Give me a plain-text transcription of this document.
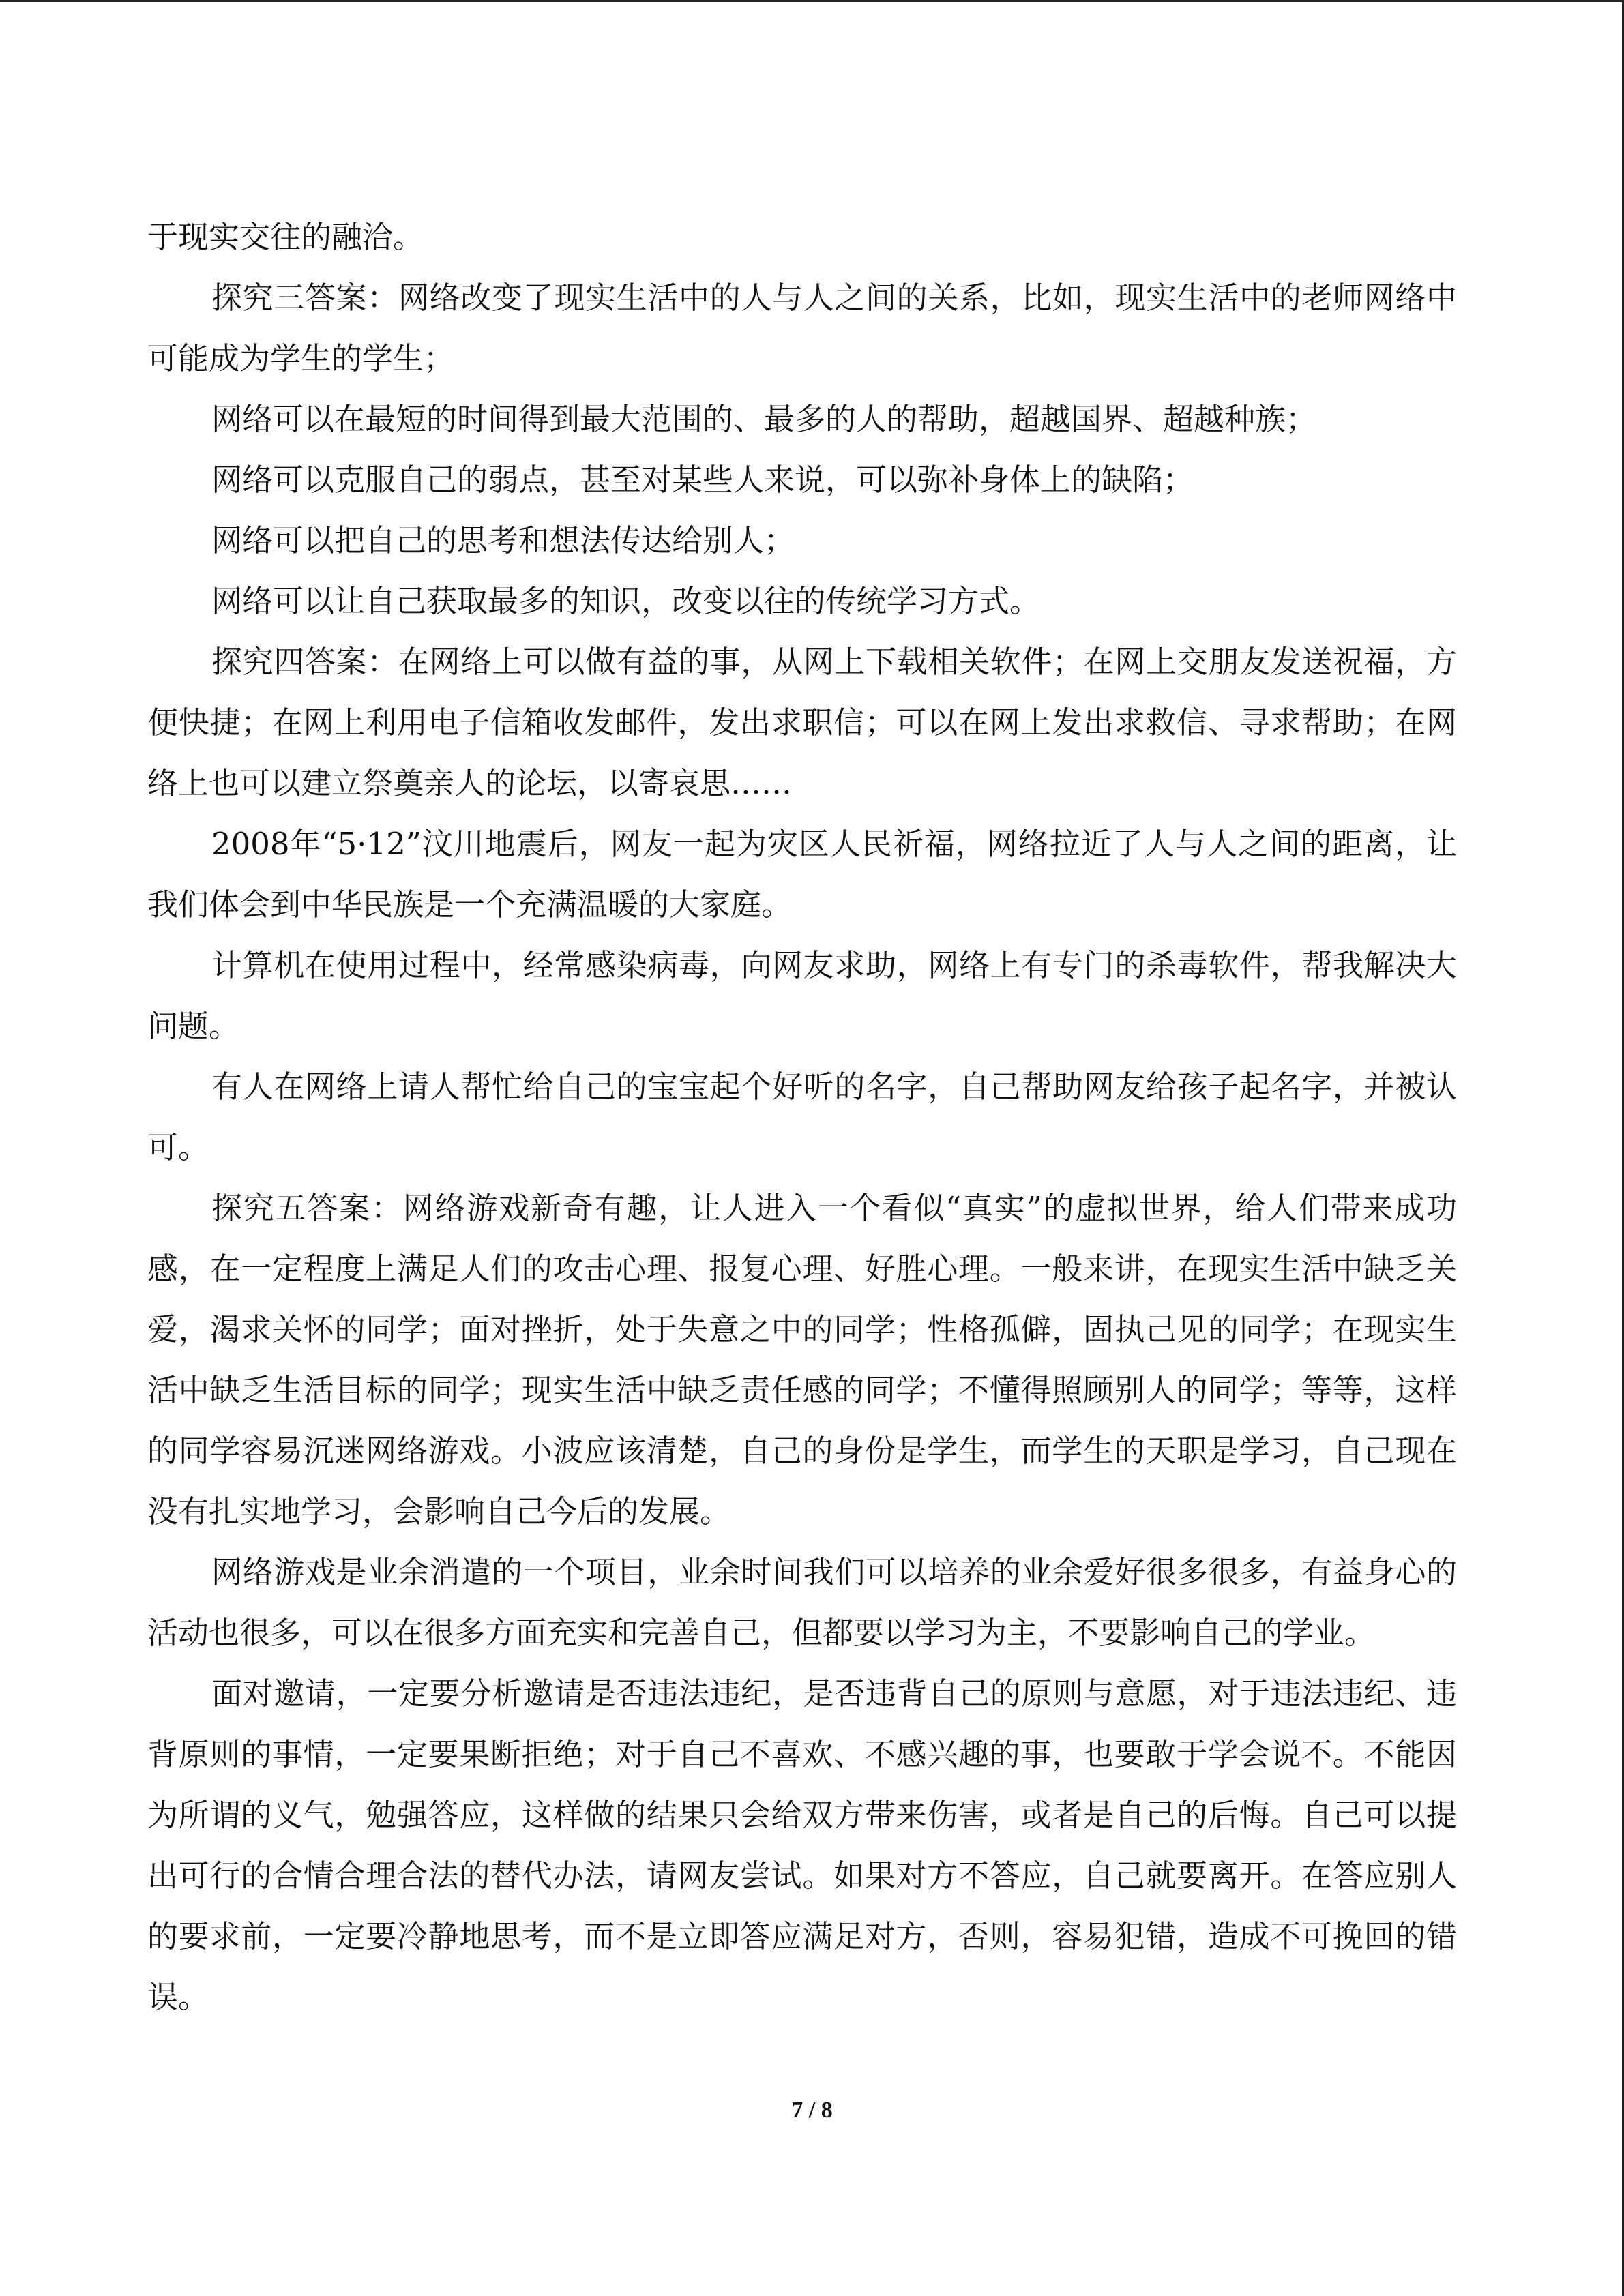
于现实交往的融洽。

探究三答案：网络改变了现实生活中的人与人之间的关系，比如，现实生活中的老师网络中可能成为学生的学生；

网络可以在最短的时间得到最大范围的、最多的人的帮助，超越国界、超越种族；

网络可以克服自己的弱点，甚至对某些人来说，可以弥补身体上的缺陷；

网络可以把自己的思考和想法传达给别人；

网络可以让自己获取最多的知识，改变以往的传统学习方式。

探究四答案：在网络上可以做有益的事，从网上下载相关软件；在网上交朋友发送祝福，方便快捷；在网上利用电子信箱收发邮件，发出求职信；可以在网上发出求救信、寻求帮助；在网络上也可以建立祭奠亲人的论坛，以寄哀思……

2008年“5·12”汶川地震后，网友一起为灾区人民祈福，网络拉近了人与人之间的距离，让我们体会到中华民族是一个充满温暖的大家庭。

计算机在使用过程中，经常感染病毒，向网友求助，网络上有专门的杀毒软件，帮我解决大问题。

有人在网络上请人帮忙给自己的宝宝起个好听的名字，自己帮助网友给孩子起名字，并被认可。

探究五答案：网络游戏新奇有趣，让人进入一个看似“真实”的虚拟世界，给人们带来成功感，在一定程度上满足人们的攻击心理、报复心理、好胜心理。一般来讲，在现实生活中缺乏关爱，渴求关怀的同学；面对挫折，处于失意之中的同学；性格孤僻，固执己见的同学；在现实生活中缺乏生活目标的同学；现实生活中缺乏责任感的同学；不懂得照顾别人的同学；等等，这样的同学容易沉迷网络游戏。小波应该清楚，自己的身份是学生，而学生的天职是学习，自己现在没有扎实地学习，会影响自己今后的发展。

网络游戏是业余消遣的一个项目，业余时间我们可以培养的业余爱好很多很多，有益身心的活动也很多，可以在很多方面充实和完善自己，但都要以学习为主，不要影响自己的学业。

面对邀请，一定要分析邀请是否违法违纪，是否违背自己的原则与意愿，对于违法违纪、违背原则的事情，一定要果断拒绝；对于自己不喜欢、不感兴趣的事，也要敢于学会说不。不能因为所谓的义气，勉强答应，这样做的结果只会给双方带来伤害，或者是自己的后悔。自己可以提出可行的合情合理合法的替代办法，请网友尝试。如果对方不答应，自己就要离开。在答应别人的要求前，一定要冷静地思考，而不是立即答应满足对方，否则，容易犯错，造成不可挽回的错误。

7 / 8
